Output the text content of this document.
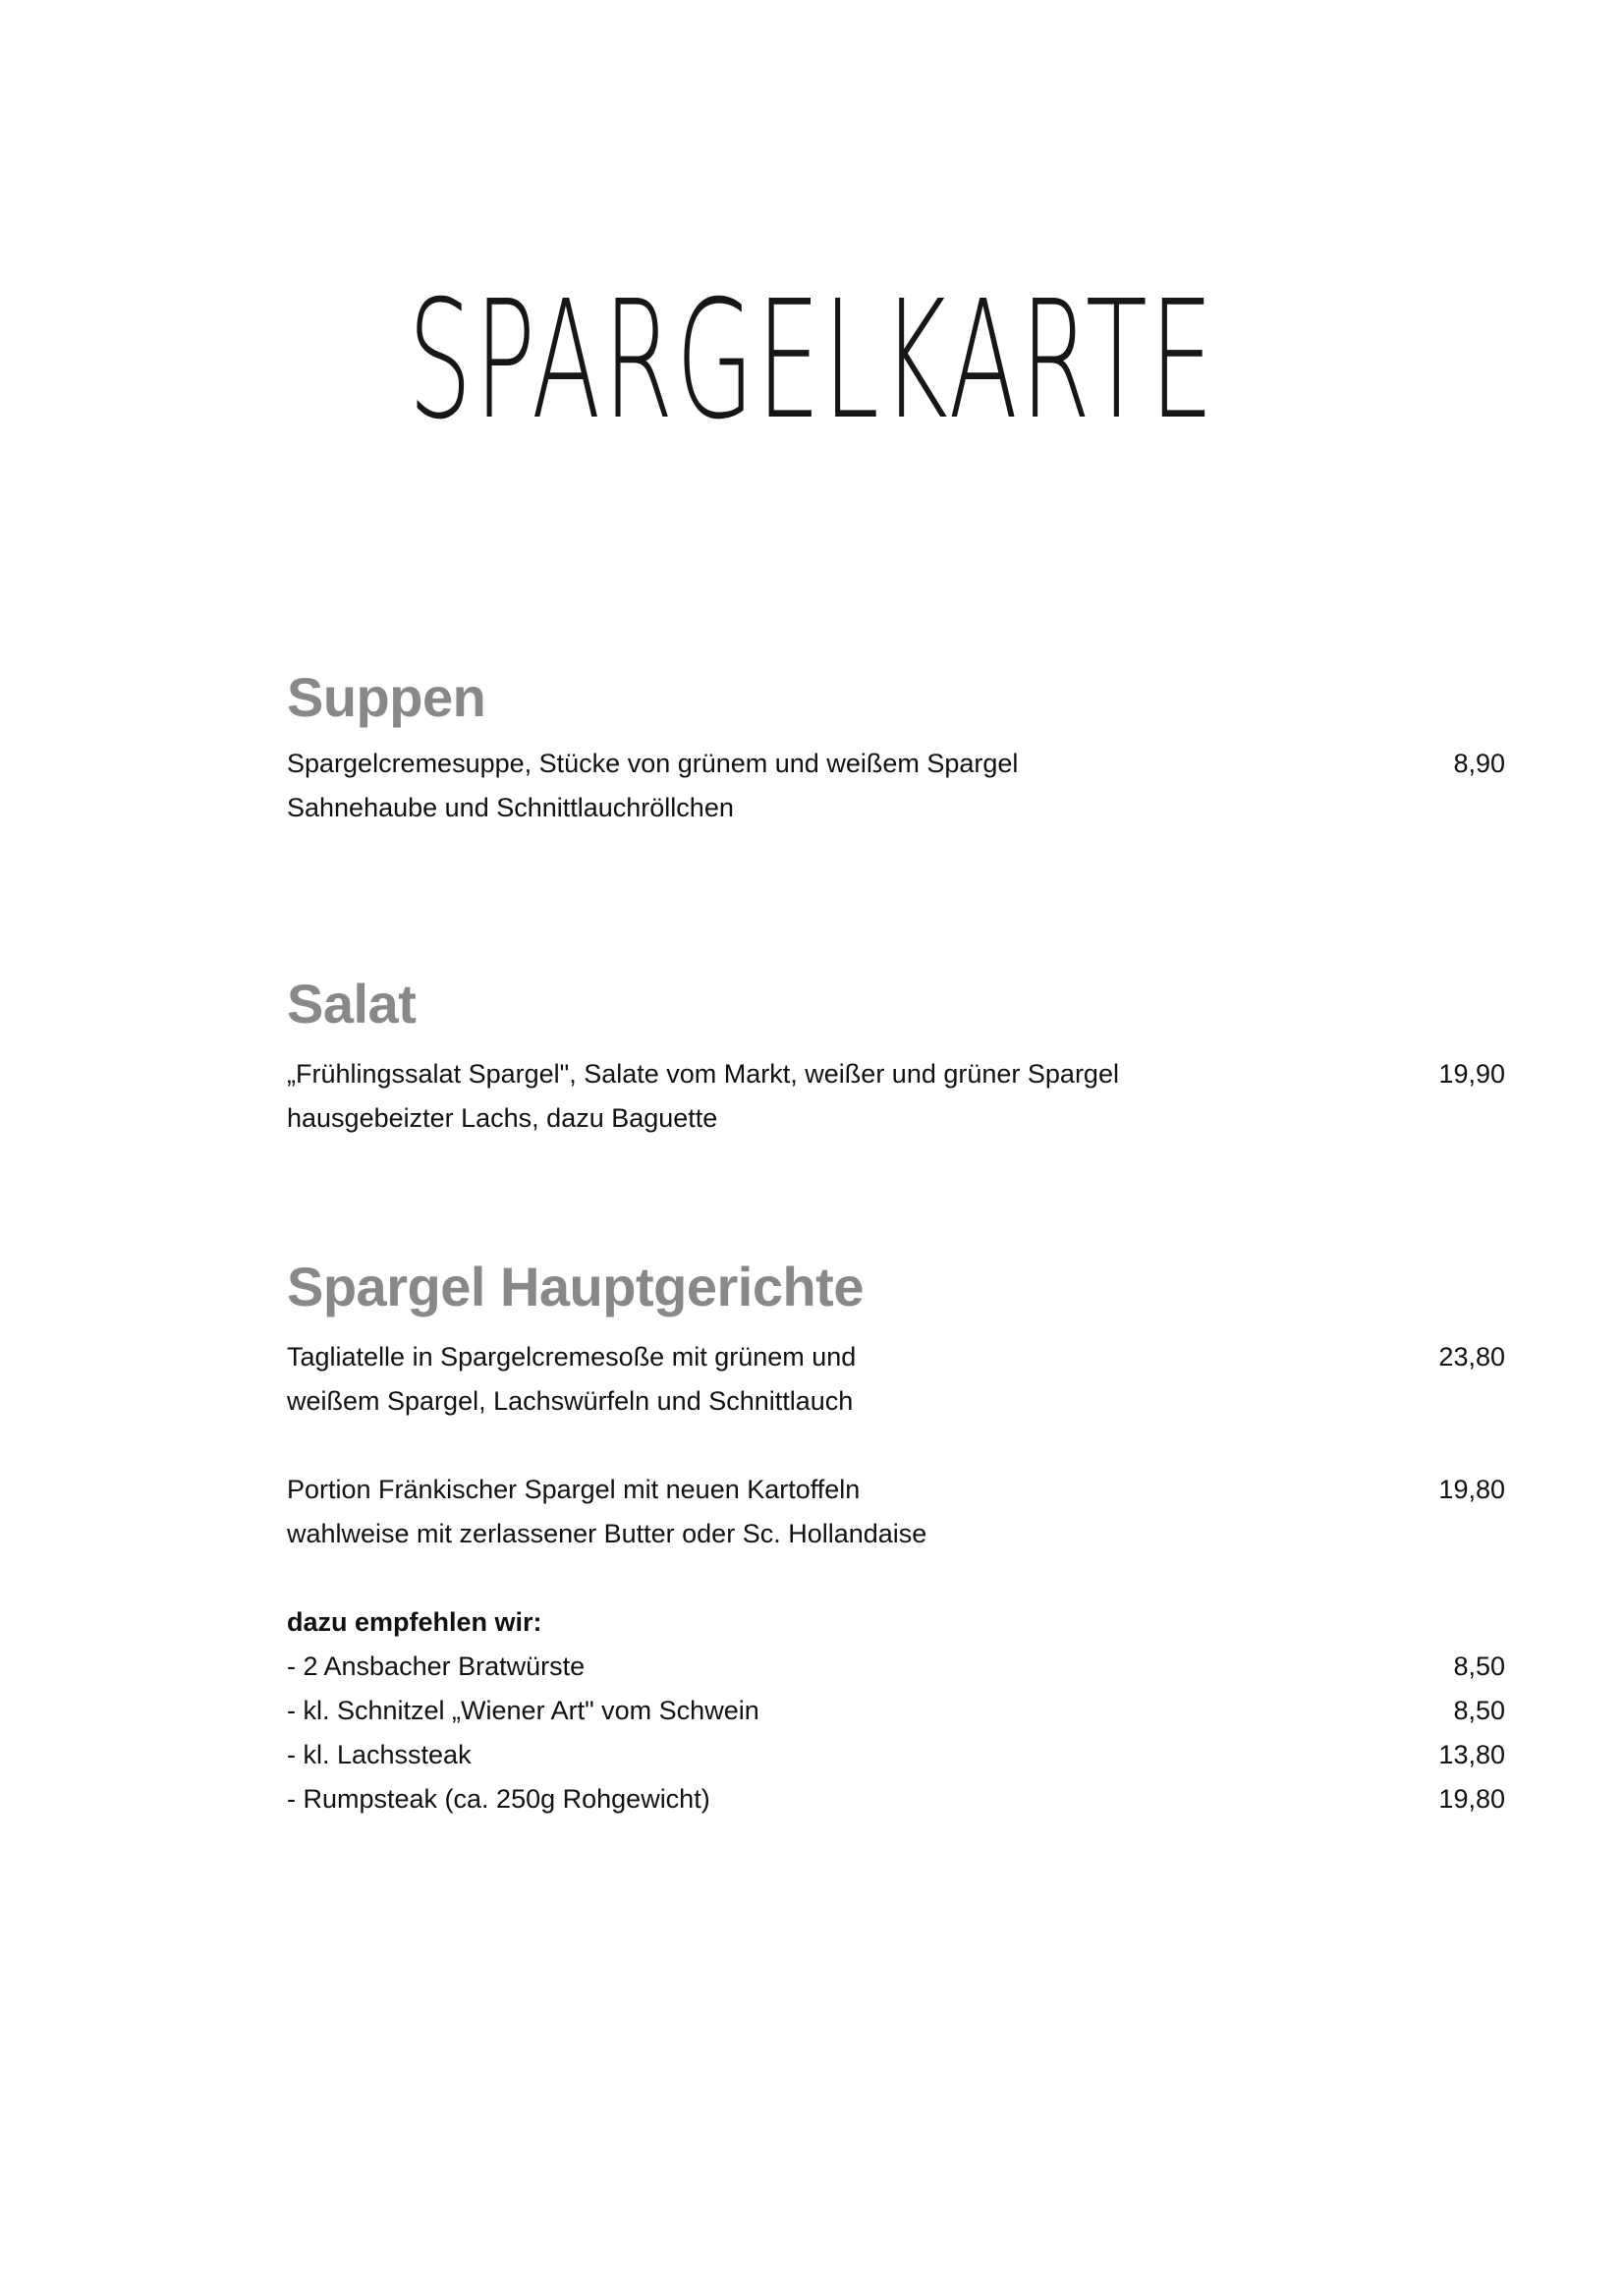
SPARGELKARTE
Suppen
Spargelcremesuppe, Stücke von grünem und weißem Spargel	8,90
Sahnehaube und Schnittlauchröllchen
Salat
„Frühlingssalat Spargel", Salate vom Markt, weißer und grüner Spargel	19,90
hausgebeizter Lachs, dazu Baguette
Spargel Hauptgerichte
Tagliatelle in Spargelcremesoße mit grünem und	23,80
weißem Spargel, Lachswürfeln und Schnittlauch
Portion Fränkischer Spargel mit neuen Kartoffeln	19,80
wahlweise mit zerlassener Butter oder Sc. Hollandaise
dazu empfehlen wir:
- 2 Ansbacher Bratwürste	8,50
- kl. Schnitzel „Wiener Art" vom Schwein	8,50
- kl. Lachssteak	13,80
- Rumpsteak (ca. 250g Rohgewicht)	19,80
